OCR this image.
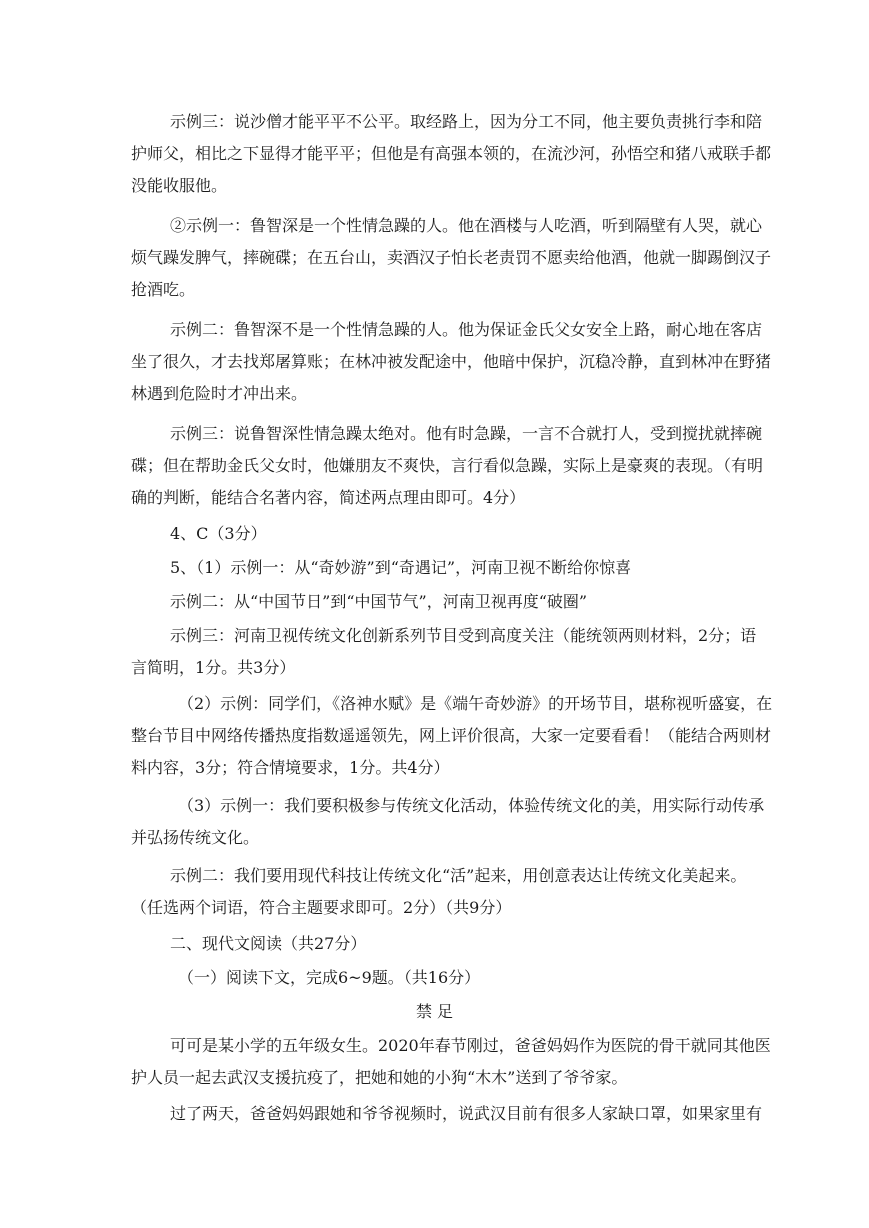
示例三：说沙僧才能平平不公平。取经路上，因为分工不同，他主要负责挑行李和陪
护师父，相比之下显得才能平平；但他是有高强本领的，在流沙河，孙悟空和猪八戒联手都
没能收服他。
②示例一：鲁智深是一个性情急躁的人。他在酒楼与人吃酒，听到隔壁有人哭，就心
烦气躁发脾气，摔碗碟；在五台山，卖酒汉子怕长老责罚不愿卖给他酒，他就一脚踢倒汉子
抢酒吃。
示例二：鲁智深不是一个性情急躁的人。他为保证金氏父女安全上路，耐心地在客店
坐了很久，才去找郑屠算账；在林冲被发配途中，他暗中保护，沉稳冷静，直到林冲在野猪
林遇到危险时才冲出来。
示例三：说鲁智深性情急躁太绝对。他有时急躁，一言不合就打人，受到搅扰就摔碗
碟；但在帮助金氏父女时，他嫌朋友不爽快，言行看似急躁，实际上是豪爽的表现。（有明
确的判断，能结合名著内容，简述两点理由即可。4分）
4、C（3分）
5、（1）示例一：从“奇妙游”到“奇遇记”，河南卫视不断给你惊喜
示例二：从“中国节日”到“中国节气”，河南卫视再度“破圈”
示例三：河南卫视传统文化创新系列节目受到高度关注（能统领两则材料，2分；语
言简明，1分。共3分）
（2）示例：同学们，《洛神水赋》是《端午奇妙游》的开场节目，堪称视听盛宴，在
整台节目中网络传播热度指数遥遥领先，网上评价很高，大家一定要看看！（能结合两则材
料内容，3分；符合情境要求，1分。共4分）
（3）示例一：我们要积极参与传统文化活动，体验传统文化的美，用实际行动传承
并弘扬传统文化。
示例二：我们要用现代科技让传统文化“活”起来，用创意表达让传统文化美起来。
（任选两个词语，符合主题要求即可。2分）（共9分）
二、现代文阅读（共27分）
（一）阅读下文，完成6~9题。（共16分）
禁 足
可可是某小学的五年级女生。2020年春节刚过，爸爸妈妈作为医院的骨干就同其他医
护人员一起去武汉支援抗疫了，把她和她的小狗“木木”送到了爷爷家。
过了两天，爸爸妈妈跟她和爷爷视频时，说武汉目前有很多人家缺口罩，如果家里有
